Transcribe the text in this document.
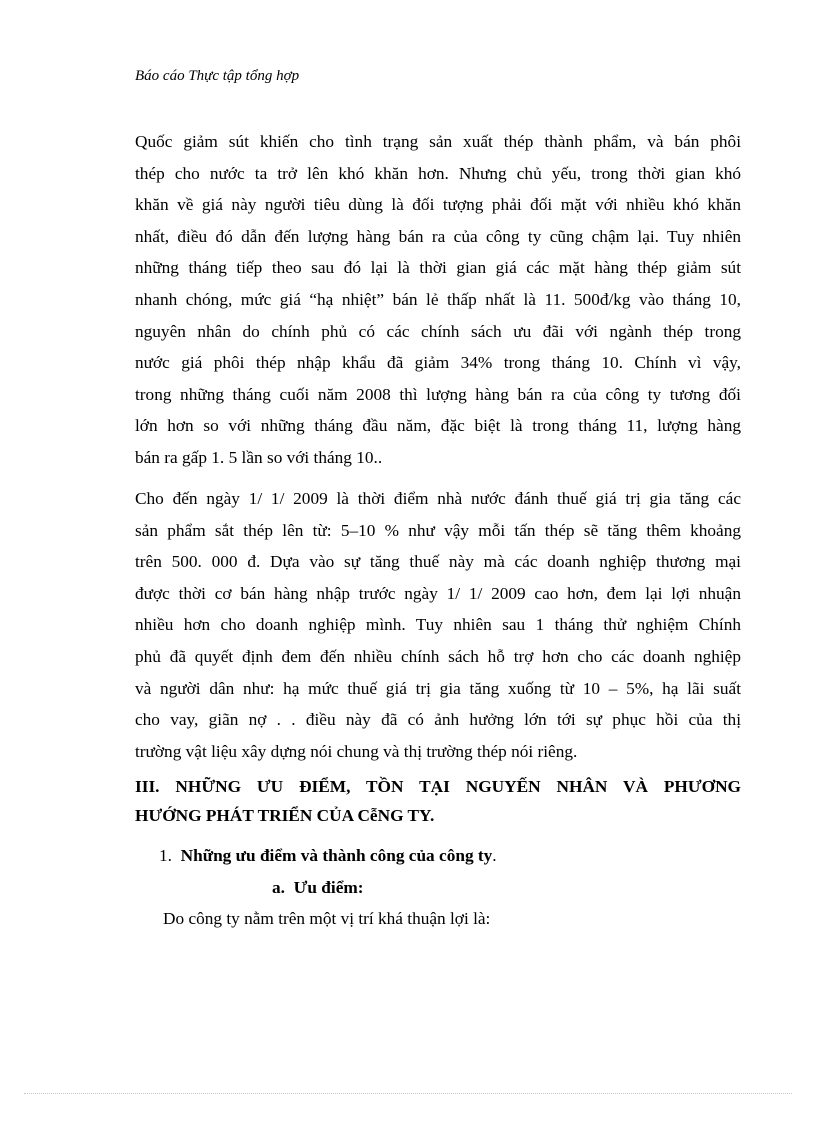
Báo cáo Thực tập tổng hợp
Quốc giảm sút khiến cho tình trạng sản xuất thép thành phẩm, và bán phôi
thép cho nước ta trở lên khó khăn hơn. Nhưng chủ yếu, trong thời gian khó
khăn về giá này người tiêu dùng là đối tượng phải đối mặt với nhiều khó khăn
nhất, điều đó dẫn đến lượng hàng bán ra của công ty cũng chậm lại. Tuy nhiên
những tháng tiếp theo sau đó lại là thời gian giá các mặt hàng thép giảm sút
nhanh chóng, mức giá “hạ nhiệt” bán lẻ thấp nhất là 11. 500đ/kg vào tháng 10,
nguyên nhân do chính phủ có các chính sách ưu đãi với ngành thép trong
nước giá phôi thép nhập khẩu đã giảm 34% trong tháng 10. Chính vì vậy,
trong những tháng cuối năm 2008 thì lượng hàng bán ra của công ty tương đối
lớn hơn so với những tháng đầu năm, đặc biệt là trong tháng 11, lượng hàng
bán ra gấp 1. 5 lần so với tháng 10..
Cho đến ngày 1/ 1/ 2009 là thời điểm nhà nước đánh thuế giá trị gia tăng các
sản phẩm sắt thép lên từ: 5–10 % như vậy mỗi tấn thép sẽ tăng thêm khoảng
trên 500. 000 đ. Dựa vào sự tăng thuế này mà các doanh nghiệp thương mại
được thời cơ bán hàng nhập trước ngày 1/ 1/ 2009 cao hơn, đem lại lợi nhuận
nhiều hơn cho doanh nghiệp mình. Tuy nhiên sau 1 tháng thử nghiệm Chính
phủ đã quyết định đem đến nhiều chính sách hỗ trợ hơn cho các doanh nghiệp
và người dân như: hạ mức thuế giá trị gia tăng xuống từ 10 – 5%, hạ lãi suất
cho vay, giãn nợ . . điều này đã có ảnh hưởng lớn tới sự phục hồi của thị
trường vật liệu xây dựng nói chung và thị trường thép nói riêng.
III. NHỮNG ƯU ĐIỂM, TỒN TẠI NGUYẾN NHÂN VÀ PHƯƠNG
HƯỚNG PHÁT TRIỂN CỦA CễNG TY.
1. Những ưu điểm và thành công của công ty.
a. Ưu điểm:
Do công ty nằm trên một vị trí khá thuận lợi là:
